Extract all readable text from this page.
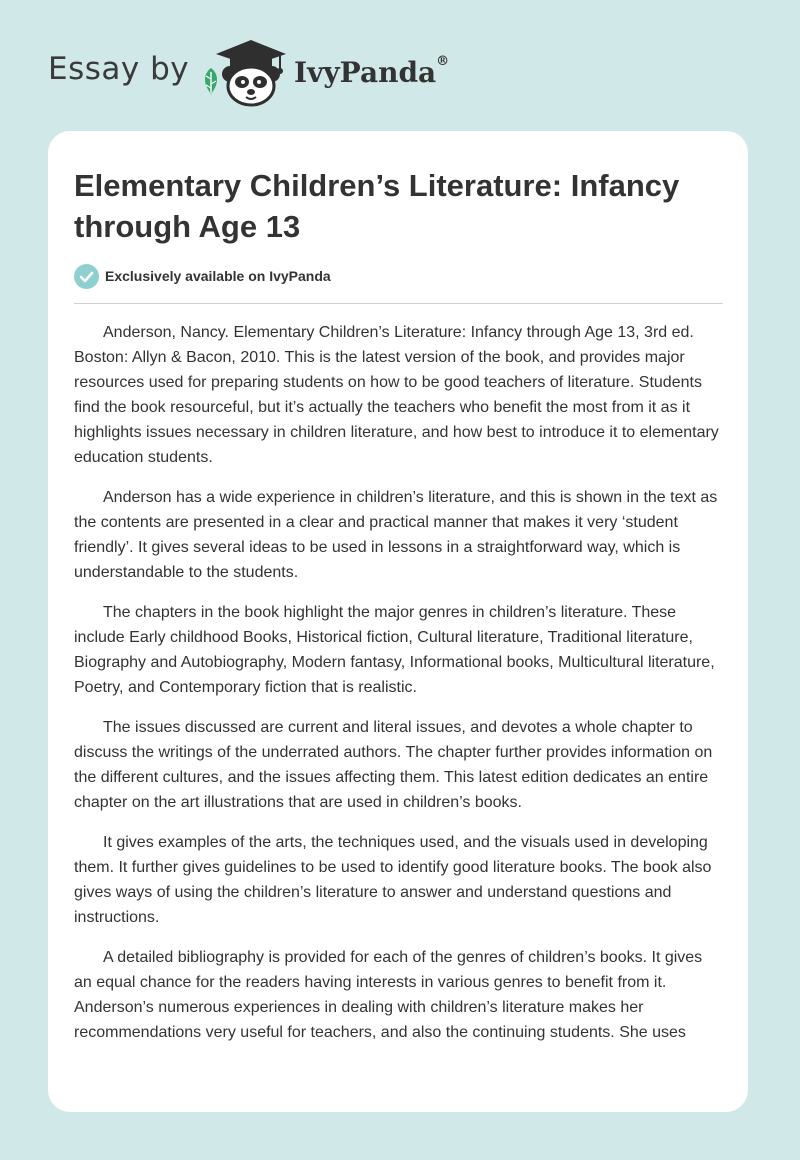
Essay by	IvyPanda®
Elementary Children’s Literature: Infancy through Age 13
Exclusively available on IvyPanda

Anderson, Nancy. Elementary Children’s Literature: Infancy through Age 13, 3rd ed. Boston: Allyn & Bacon, 2010. This is the latest version of the book, and provides major resources used for preparing students on how to be good teachers of literature. Students find the book resourceful, but it’s actually the teachers who benefit the most from it as it highlights issues necessary in children literature, and how best to introduce it to elementary education students.

Anderson has a wide experience in children’s literature, and this is shown in the text as the contents are presented in a clear and practical manner that makes it very ‘student friendly’. It gives several ideas to be used in lessons in a straightforward way, which is understandable to the students.

The chapters in the book highlight the major genres in children’s literature. These include Early childhood Books, Historical fiction, Cultural literature, Traditional literature, Biography and Autobiography, Modern fantasy, Informational books, Multicultural literature, Poetry, and Contemporary fiction that is realistic.

The issues discussed are current and literal issues, and devotes a whole chapter to discuss the writings of the underrated authors. The chapter further provides information on the different cultures, and the issues affecting them. This latest edition dedicates an entire chapter on the art illustrations that are used in children’s books.

It gives examples of the arts, the techniques used, and the visuals used in developing them. It further gives guidelines to be used to identify good literature books. The book also gives ways of using the children’s literature to answer and understand questions and instructions.

A detailed bibliography is provided for each of the genres of children’s books. It gives an equal chance for the readers having interests in various genres to benefit from it. Anderson’s numerous experiences in dealing with children’s literature makes her recommendations very useful for teachers, and also the continuing students. She uses
